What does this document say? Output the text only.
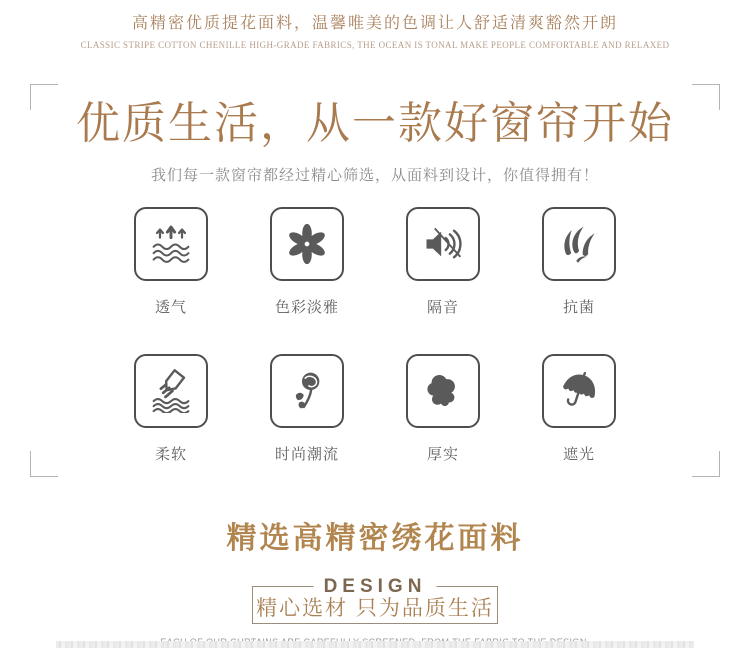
高精密优质提花面料，温馨唯美的色调让人舒适清爽豁然开朗
CLASSIC STRIPE COTTON CHENILLE HIGH-GRADE FABRICS, THE OCEAN IS TONAL MAKE PEOPLE COMFORTABLE AND RELAXED
优质生活，从一款好窗帘开始
我们每一款窗帘都经过精心筛选，从面料到设计，你值得拥有！
透气	色彩淡雅	隔音	抗菌
柔软	时尚潮流	厚实	遮光
精选高精密绣花面料
DESIGN
精心选材 只为品质生活
